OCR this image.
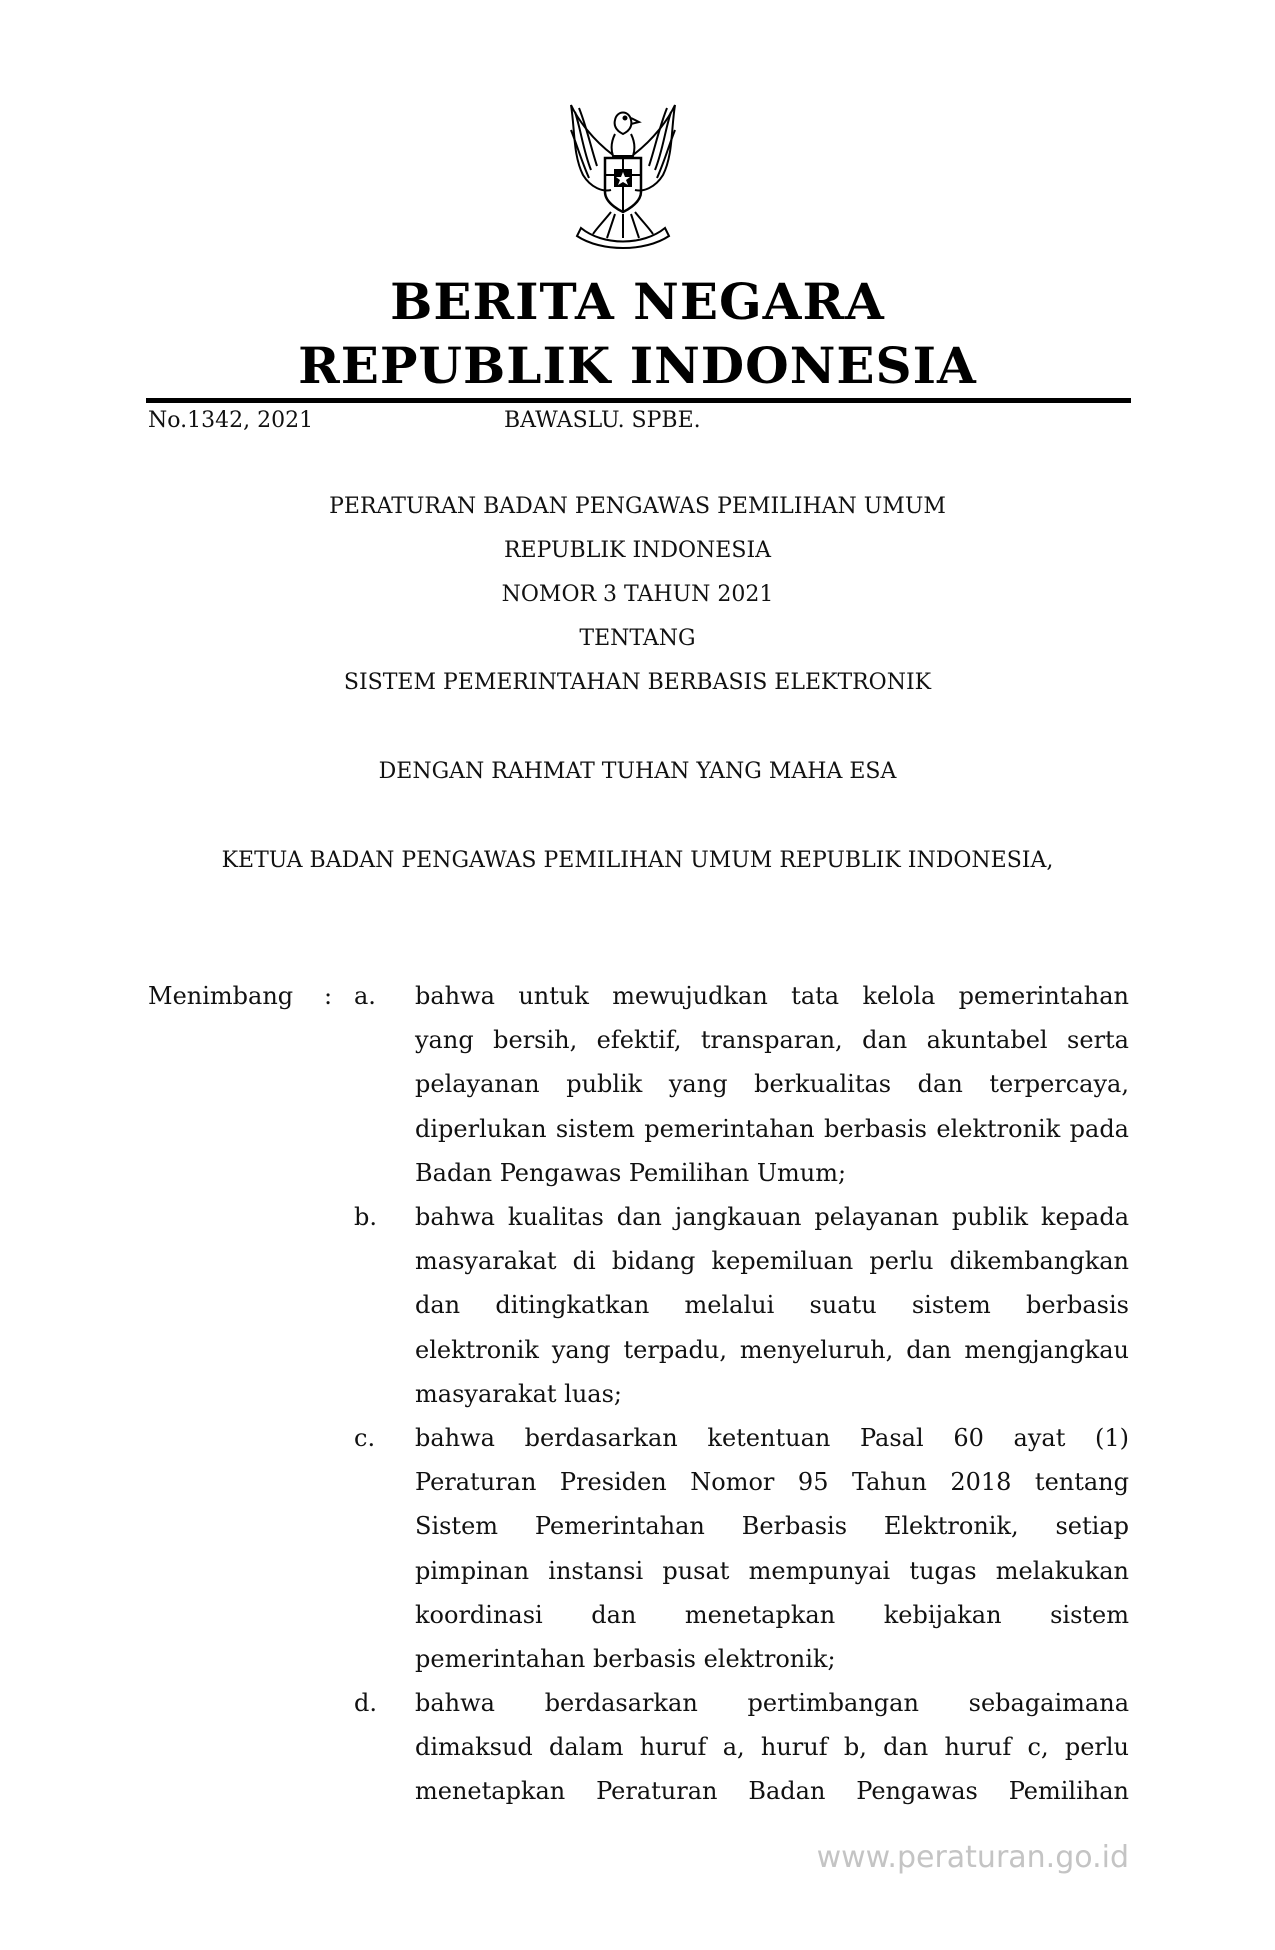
BERITA NEGARA
REPUBLIK INDONESIA
No.1342, 2021	BAWASLU. SPBE.
PERATURAN BADAN PENGAWAS PEMILIHAN UMUM
REPUBLIK INDONESIA
NOMOR 3 TAHUN 2021
TENTANG
SISTEM PEMERINTAHAN BERBASIS ELEKTRONIK
DENGAN RAHMAT TUHAN YANG MAHA ESA
KETUA BADAN PENGAWAS PEMILIHAN UMUM REPUBLIK INDONESIA,
Menimbang : a. bahwa untuk mewujudkan tata kelola pemerintahan
yang bersih, efektif, transparan, dan akuntabel serta
pelayanan publik yang berkualitas dan terpercaya,
diperlukan sistem pemerintahan berbasis elektronik pada
Badan Pengawas Pemilihan Umum;
b. bahwa kualitas dan jangkauan pelayanan publik kepada
masyarakat di bidang kepemiluan perlu dikembangkan
dan ditingkatkan melalui suatu sistem berbasis
elektronik yang terpadu, menyeluruh, dan mengjangkau
masyarakat luas;
c. bahwa berdasarkan ketentuan Pasal 60 ayat (1)
Peraturan Presiden Nomor 95 Tahun 2018 tentang
Sistem Pemerintahan Berbasis Elektronik, setiap
pimpinan instansi pusat mempunyai tugas melakukan
koordinasi dan menetapkan kebijakan sistem
pemerintahan berbasis elektronik;
d. bahwa berdasarkan pertimbangan sebagaimana
dimaksud dalam huruf a, huruf b, dan huruf c, perlu
menetapkan Peraturan Badan Pengawas Pemilihan
www.peraturan.go.id
